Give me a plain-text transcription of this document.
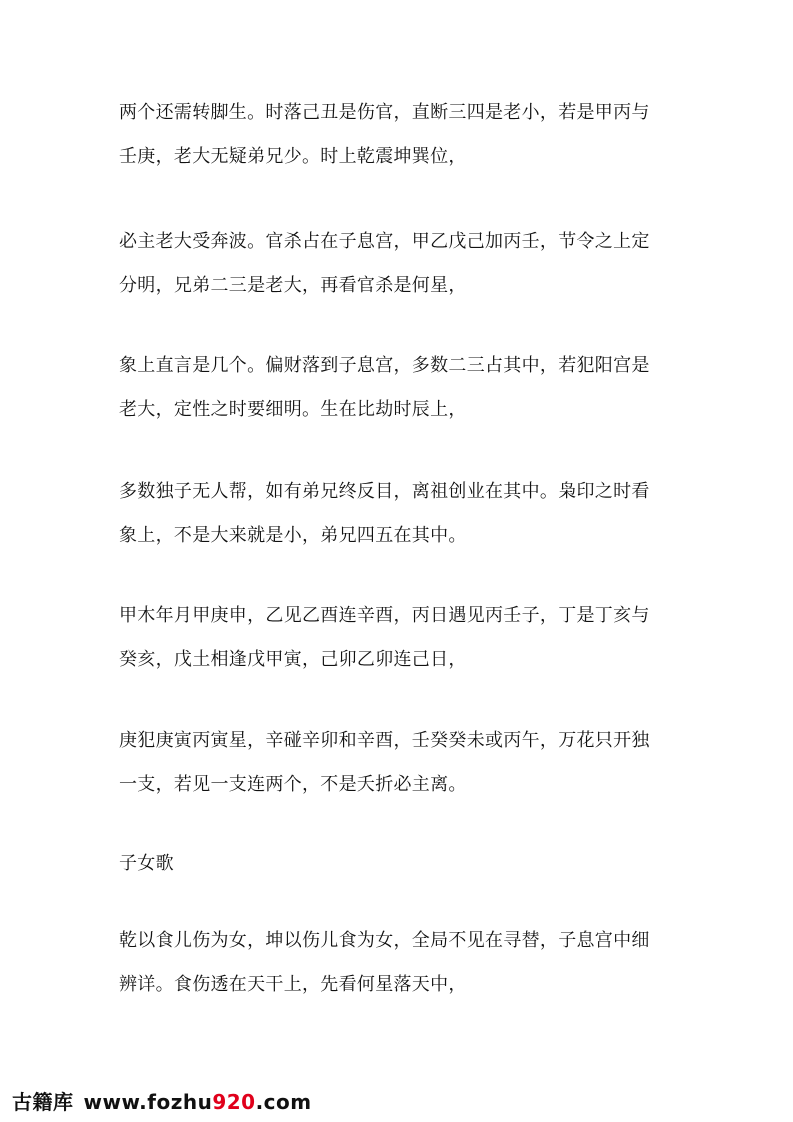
两个还需转脚生。时落己丑是伤官，直断三四是老小，若是甲丙与
壬庚，老大无疑弟兄少。时上乾震坤巽位，

必主老大受奔波。官杀占在子息宫，甲乙戊己加丙壬，节令之上定
分明，兄弟二三是老大，再看官杀是何星，

象上直言是几个。偏财落到子息宫，多数二三占其中，若犯阳宫是
老大，定性之时要细明。生在比劫时辰上，

多数独子无人帮，如有弟兄终反目，离祖创业在其中。枭印之时看
象上，不是大来就是小，弟兄四五在其中。

甲木年月甲庚申，乙见乙酉连辛酉，丙日遇见丙壬子，丁是丁亥与
癸亥，戊土相逢戊甲寅，己卯乙卯连己日，

庚犯庚寅丙寅星，辛碰辛卯和辛酉，壬癸癸未或丙午，万花只开独
一支，若见一支连两个，不是夭折必主离。

子女歌

乾以食儿伤为女，坤以伤儿食为女，全局不见在寻替，子息宫中细
辨详。食伤透在天干上，先看何星落天中，

古籍库 www. fozhu 920 .com
